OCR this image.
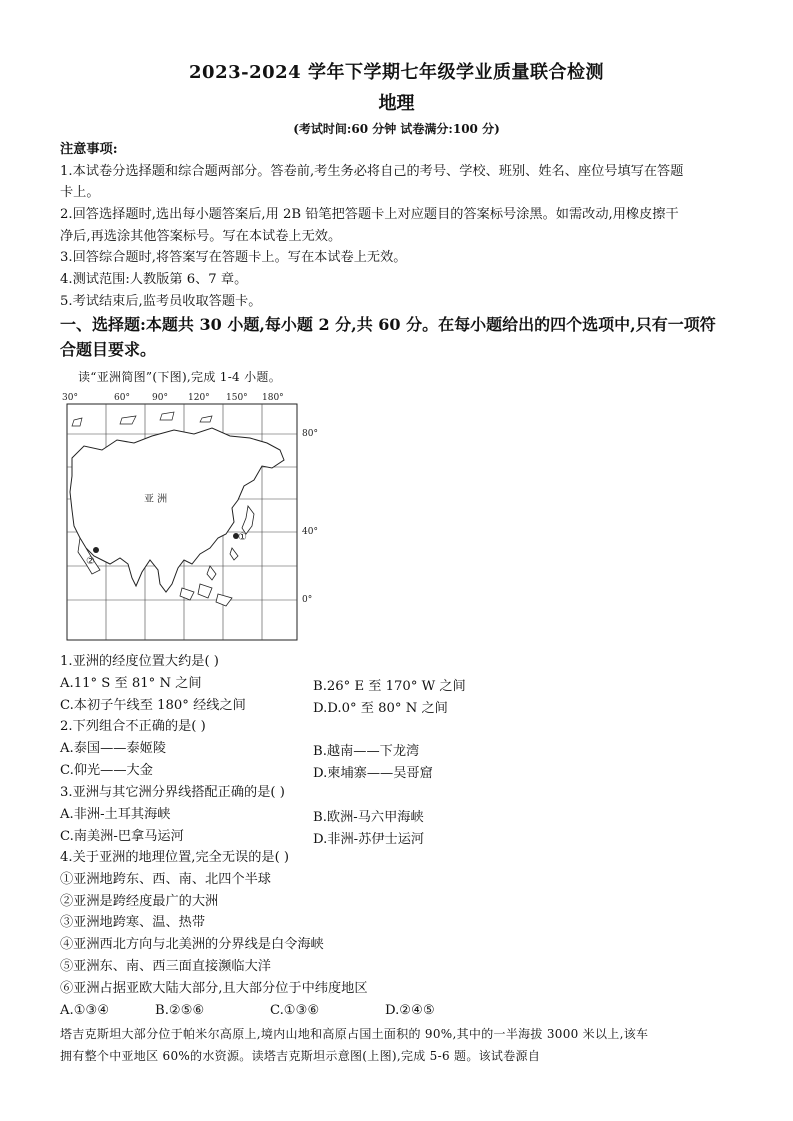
2023-2024 学年下学期七年级学业质量联合检测
地理
(考试时间:60 分钟 试卷满分:100 分)
注意事项:
1.本试卷分选择题和综合题两部分。答卷前,考生务必将自己的考号、学校、班别、姓名、座位号填写在答题
卡上。
2.回答选择题时,选出每小题答案后,用 2B 铅笔把答题卡上对应题目的答案标号涂黑。如需改动,用橡皮擦干
净后,再选涂其他答案标号。写在本试卷上无效。
3.回答综合题时,将答案写在答题卡上。写在本试卷上无效。
4.测试范围:人教版第 6、7 章。
5.考试结束后,监考员收取答题卡。
一、选择题:本题共 30 小题,每小题 2 分,共 60 分。在每小题给出的四个选项中,只有一项符
合题目要求。
读“亚洲简图”(下图),完成 1-4 小题。
30°	60° 90° 120° 150° 180°
80°
40°
0°
亚 洲
①
②
1.亚洲的经度位置大约是( )
A.11° S 至 81° N 之间	B.26° E 至 170° W 之间
C.本初子午线至 180° 经线之间	D.D.0° 至 80° N 之间
2.下列组合不正确的是( )
A.泰国——泰姬陵	B.越南——下龙湾
C.仰光——大金	D.柬埔寨——吴哥窟
3.亚洲与其它洲分界线搭配正确的是( )
A.非洲-土耳其海峡	B.欧洲-马六甲海峡
C.南美洲-巴拿马运河	D.非洲-苏伊士运河
4.关于亚洲的地理位置,完全无误的是( )
①亚洲地跨东、西、南、北四个半球
②亚洲是跨经度最广的大洲
③亚洲地跨寒、温、热带
④亚洲西北方向与北美洲的分界线是白令海峡
⑤亚洲东、南、西三面直接濒临大洋
⑥亚洲占据亚欧大陆大部分,且大部分位于中纬度地区
A.①③④	B.②⑤⑥	C.①③⑥	D.②④⑤
塔吉克斯坦大部分位于帕米尔高原上,境内山地和高原占国土面积的 90%,其中的一半海拔 3000 米以上,该车
拥有整个中亚地区 60%的水资源。读塔吉克斯坦示意图(上图),完成 5-6 题。该试卷源自
